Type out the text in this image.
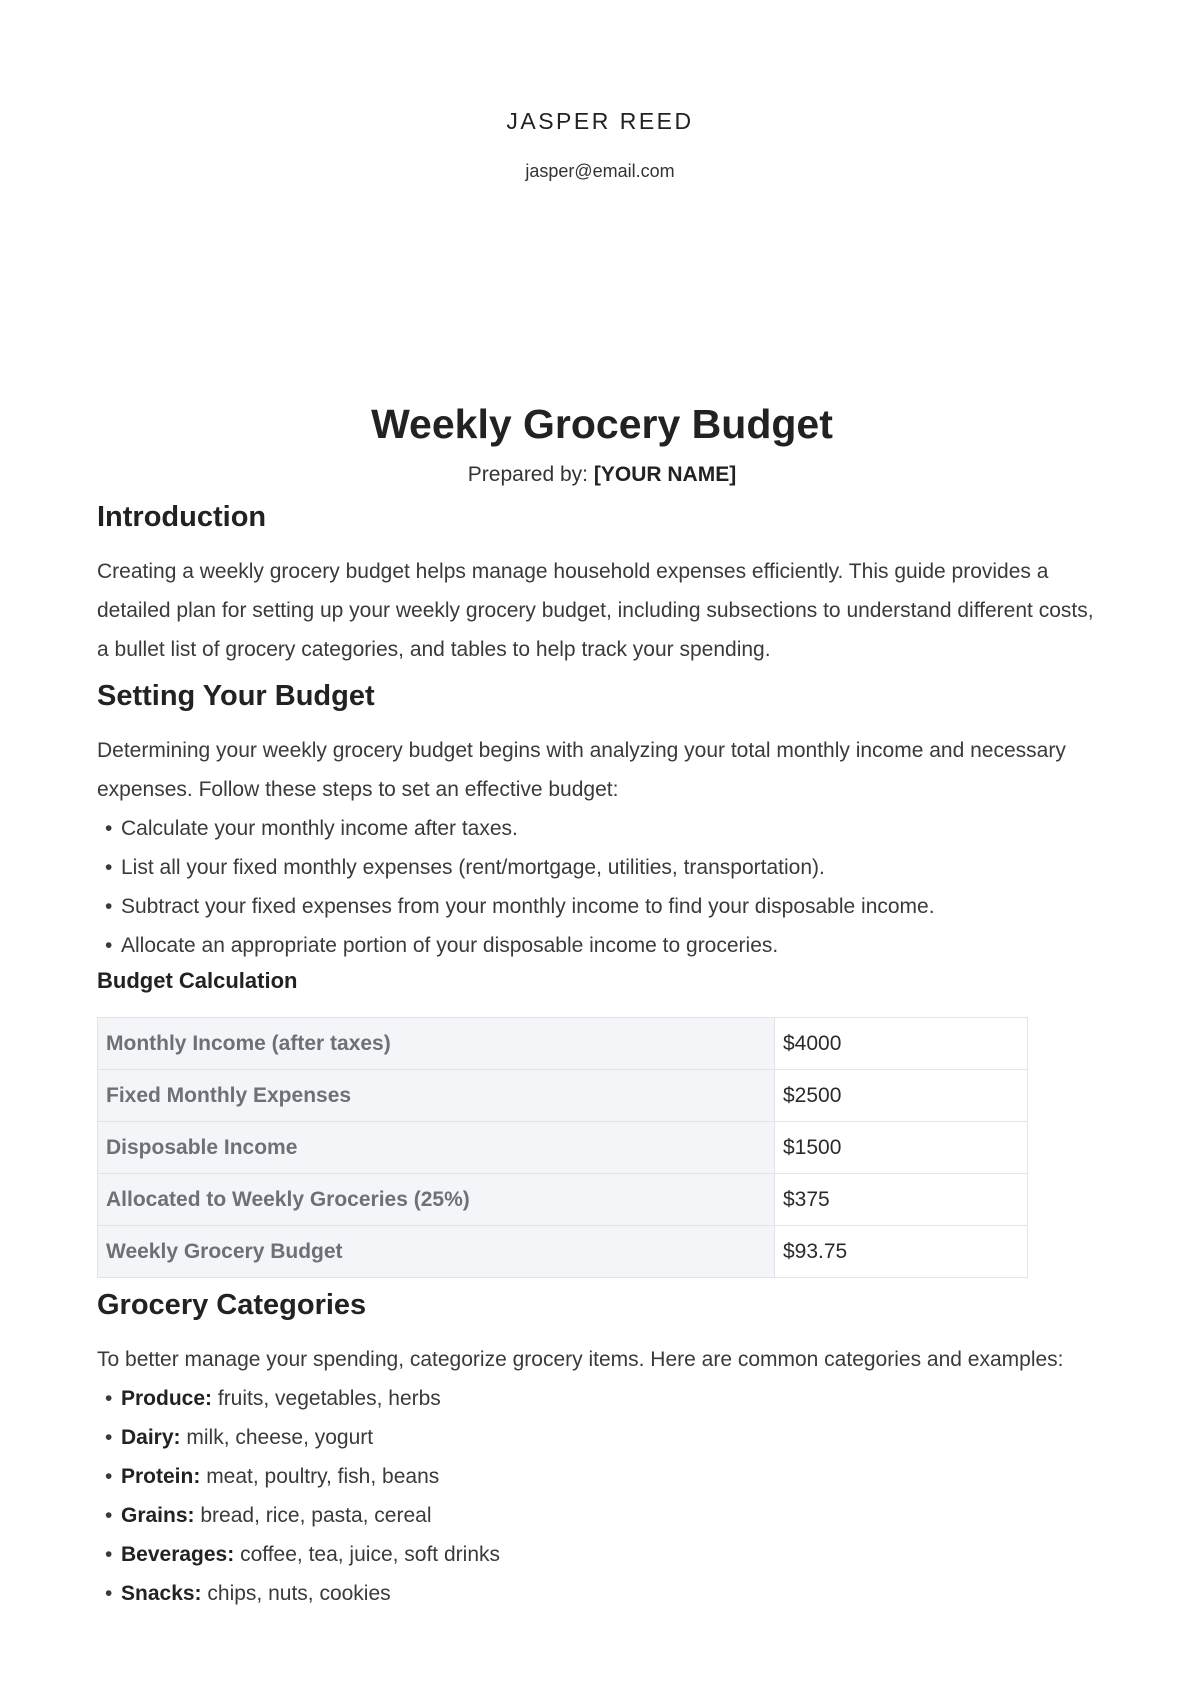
JASPER REED
jasper@email.com
Weekly Grocery Budget
Prepared by: [YOUR NAME]
Introduction

Creating a weekly grocery budget helps manage household expenses efficiently. This guide provides a detailed plan for setting up your weekly grocery budget, including subsections to understand different costs, a bullet list of grocery categories, and tables to help track your spending.

Setting Your Budget

Determining your weekly grocery budget begins with analyzing your total monthly income and necessary expenses. Follow these steps to set an effective budget:

• Calculate your monthly income after taxes.
• List all your fixed monthly expenses (rent/mortgage, utilities, transportation).
• Subtract your fixed expenses from your monthly income to find your disposable income.
• Allocate an appropriate portion of your disposable income to groceries.
Budget Calculation
Monthly Income (after taxes)	$4000
Fixed Monthly Expenses	$2500
Disposable Income	$1500
Allocated to Weekly Groceries (25%)	$375
Weekly Grocery Budget	$93.75
Grocery Categories

To better manage your spending, categorize grocery items. Here are common categories and examples:

• Produce: fruits, vegetables, herbs
• Dairy: milk, cheese, yogurt
• Protein: meat, poultry, fish, beans
• Grains: bread, rice, pasta, cereal
• Beverages: coffee, tea, juice, soft drinks
• Snacks: chips, nuts, cookies
